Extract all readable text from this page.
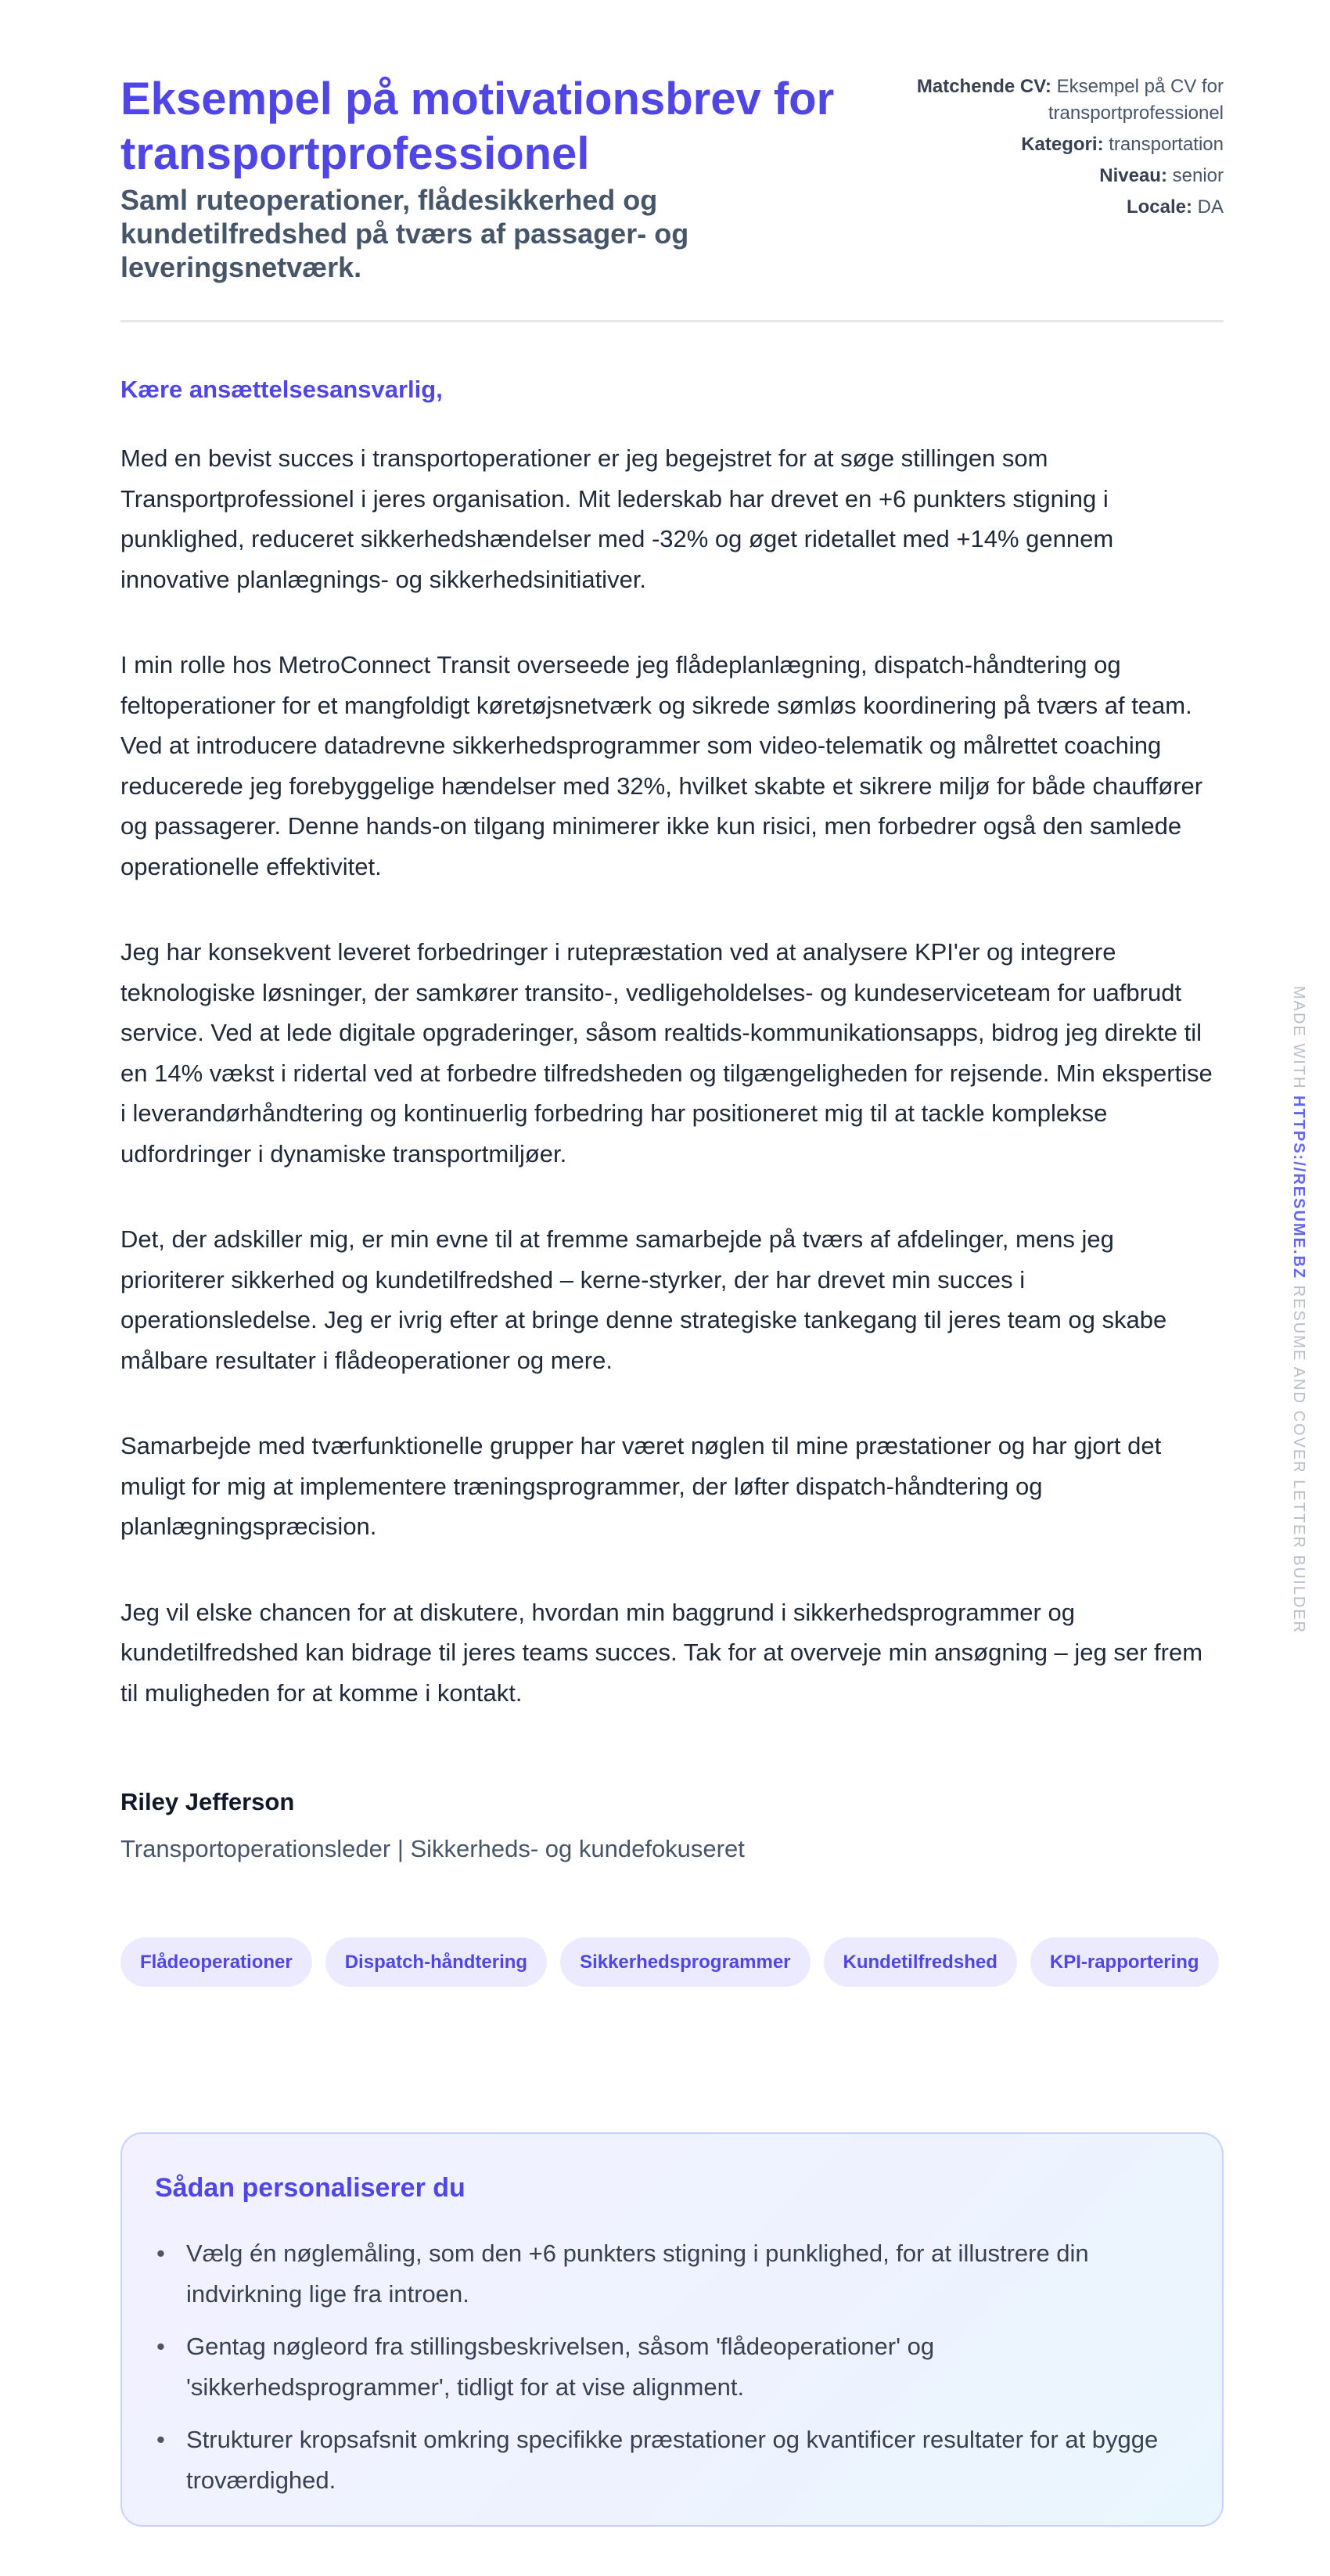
Eksempel på motivationsbrev for transportprofessionel
Saml ruteoperationer, flådesikkerhed og kundetilfredshed på tværs af passager- og leveringsnetværk.
Matchende CV: Eksempel på CV for transportprofessionel
Kategori: transportation
Niveau: senior
Locale: DA

Kære ansættelsesansvarlig,

Med en bevist succes i transportoperationer er jeg begejstret for at søge stillingen som Transportprofessionel i jeres organisation. Mit lederskab har drevet en +6 punkters stigning i punklighed, reduceret sikkerhedshændelser med -32% og øget ridetallet med +14% gennem innovative planlægnings- og sikkerhedsinitiativer.

I min rolle hos MetroConnect Transit overseede jeg flådeplanlægning, dispatch-håndtering og feltoperationer for et mangfoldigt køretøjsnetværk og sikrede sømløs koordinering på tværs af team. Ved at introducere datadrevne sikkerhedsprogrammer som video-telematik og målrettet coaching reducerede jeg forebyggelige hændelser med 32%, hvilket skabte et sikrere miljø for både chauffører og passagerer. Denne hands-on tilgang minimerer ikke kun risici, men forbedrer også den samlede operationelle effektivitet.

Jeg har konsekvent leveret forbedringer i rutepræstation ved at analysere KPI'er og integrere teknologiske løsninger, der samkører transito-, vedligeholdelses- og kundeserviceteam for uafbrudt service. Ved at lede digitale opgraderinger, såsom realtids-kommunikationsapps, bidrog jeg direkte til en 14% vækst i ridertal ved at forbedre tilfredsheden og tilgængeligheden for rejsende. Min ekspertise i leverandørhåndtering og kontinuerlig forbedring har positioneret mig til at tackle komplekse udfordringer i dynamiske transportmiljøer.

Det, der adskiller mig, er min evne til at fremme samarbejde på tværs af afdelinger, mens jeg prioriterer sikkerhed og kundetilfredshed – kerne-styrker, der har drevet min succes i operationsledelse. Jeg er ivrig efter at bringe denne strategiske tankegang til jeres team og skabe målbare resultater i flådeoperationer og mere.

Samarbejde med tværfunktionelle grupper har været nøglen til mine præstationer og har gjort det muligt for mig at implementere træningsprogrammer, der løfter dispatch-håndtering og planlægningspræcision.

Jeg vil elske chancen for at diskutere, hvordan min baggrund i sikkerhedsprogrammer og kundetilfredshed kan bidrage til jeres teams succes. Tak for at overveje min ansøgning – jeg ser frem til muligheden for at komme i kontakt.

Riley Jefferson

Transportoperationsleder | Sikkerheds- og kundefokuseret

Flådeoperationer	Dispatch-håndtering	Sikkerhedsprogrammer	Kundetilfredshed	KPI-rapportering
Sådan personaliserer du
• Vælg én nøglemåling, som den +6 punkters stigning i punklighed, for at illustrere din indvirkning lige fra introen.
• Gentag nøgleord fra stillingsbeskrivelsen, såsom 'flådeoperationer' og 'sikkerhedsprogrammer', tidligt for at vise alignment.
• Strukturer kropsafsnit omkring specifikke præstationer og kvantificer resultater for at bygge troværdighed.
MADE WITH HTTPS://RESUME.BZ RESUME AND COVER LETTER BUILDER
